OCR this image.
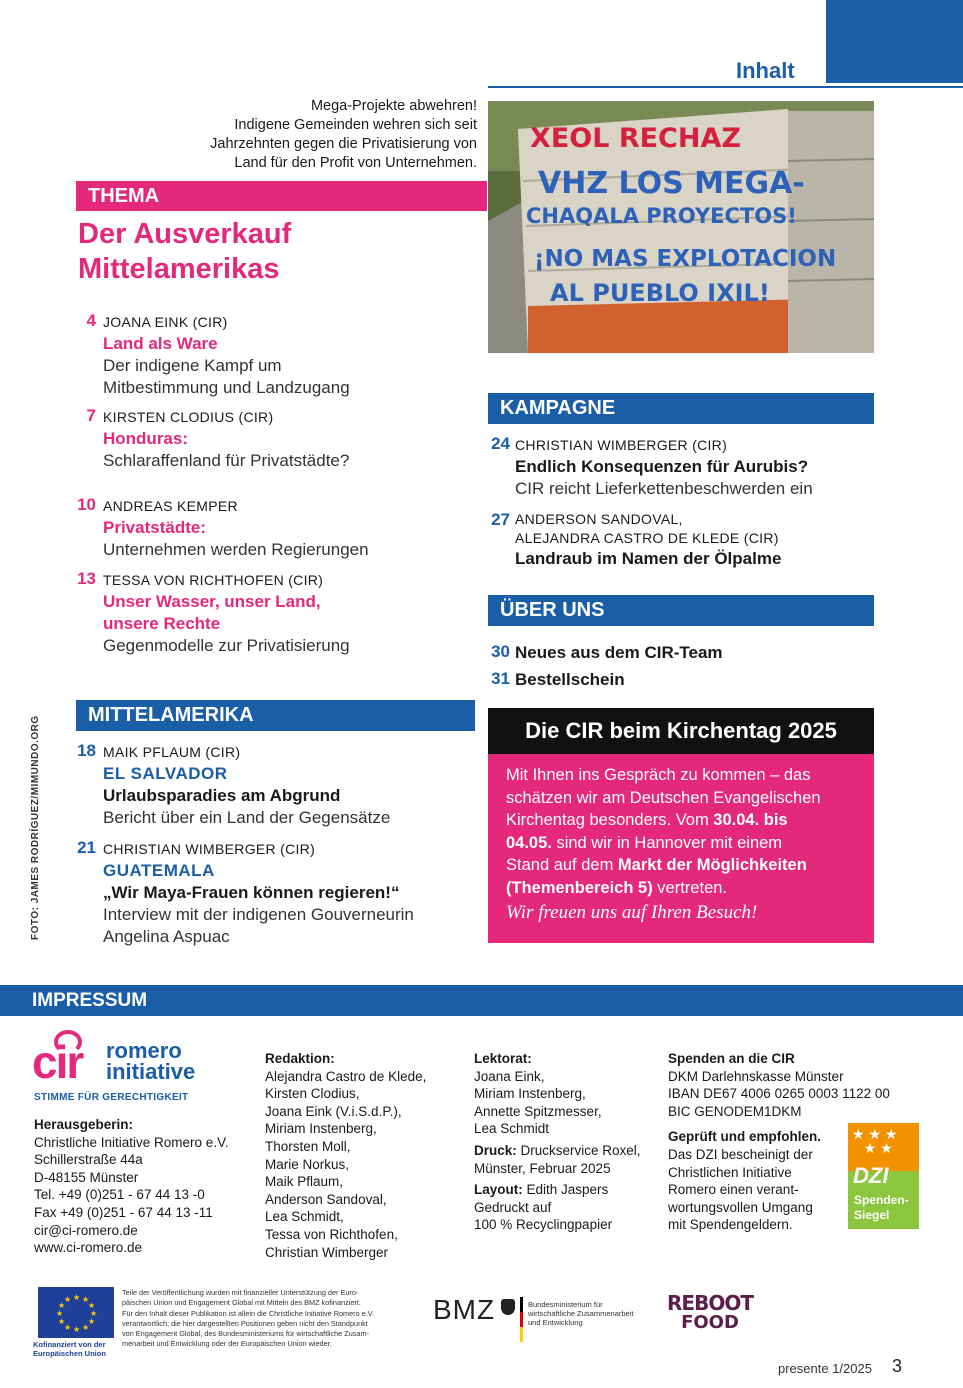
Inhalt
Mega-Projekte abwehren!
Indigene Gemeinden wehren sich seit
Jahrzehnten gegen die Privatisierung von
Land für den Profit von Unternehmen.
XEOL RECHAZ
VHZ LOS MEGA-
CHAQALA PROYECTOS!
¡NO MAS EXPLOTACION
AL PUEBLO IXIL!
FOTO: JAMES RODRÍGUEZ/MIMUNDO.ORG
THEMA
Der Ausverkauf
Mittelamerikas
4 JOANA EINK (CIR)
Land als Ware
Der indigene Kampf um
Mitbestimmung und Landzugang
7 KIRSTEN CLODIUS (CIR)
Honduras:
Schlaraffenland für Privatstädte?
10 ANDREAS KEMPER
Privatstädte:
Unternehmen werden Regierungen
13 TESSA VON RICHTHOFEN (CIR)
Unser Wasser, unser Land,
unsere Rechte
Gegenmodelle zur Privatisierung
MITTELAMERIKA
18 MAIK PFLAUM (CIR)
EL SALVADOR
Urlaubsparadies am Abgrund
Bericht über ein Land der Gegensätze
21 CHRISTIAN WIMBERGER (CIR)
GUATEMALA
„Wir Maya-Frauen können regieren!“
Interview mit der indigenen Gouverneurin
Angelina Aspuac
KAMPAGNE
24 CHRISTIAN WIMBERGER (CIR)
Endlich Konsequenzen für Aurubis?
CIR reicht Lieferkettenbeschwerden ein
27 ANDERSON SANDOVAL,
ALEJANDRA CASTRO DE KLEDE (CIR)
Landraub im Namen der Ölpalme
ÜBER UNS
30 Neues aus dem CIR-Team
31 Bestellschein
Die CIR beim Kirchentag 2025
Mit Ihnen ins Gespräch zu kommen – das
schätzen wir am Deutschen Evangelischen
Kirchentag besonders. Vom 30.04. bis
04.05. sind wir in Hannover mit einem
Stand auf dem Markt der Möglichkeiten
(Themenbereich 5) vertreten.
Wir freuen uns auf Ihren Besuch!
IMPRESSUM
cir romero
initiative
STIMME FÜR GERECHTIGKEIT
Herausgeberin:
Christliche Initiative Romero e.V.
Schillerstraße 44a
D-48155 Münster
Tel. +49 (0)251 - 67 44 13 -0
Fax +49 (0)251 - 67 44 13 -11
cir@ci-romero.de
www.ci-romero.de
Redaktion:
Alejandra Castro de Klede,
Kirsten Clodius,
Joana Eink (V.i.S.d.P.),
Miriam Instenberg,
Thorsten Moll,
Marie Norkus,
Maik Pflaum,
Anderson Sandoval,
Lea Schmidt,
Tessa von Richthofen,
Christian Wimberger
Lektorat:
Joana Eink,
Miriam Instenberg,
Annette Spitzmesser,
Lea Schmidt
Druck: Druckservice Roxel,
Münster, Februar 2025
Layout: Edith Jaspers
Gedruckt auf
100 % Recyclingpapier
Spenden an die CIR
DKM Darlehnskasse Münster
IBAN DE67 4006 0265 0003 1122 00
BIC GENODEM1DKM
Geprüft und empfohlen.
Das DZI bescheinigt der
Christlichen Initiative
Romero einen verant-
wortungsvollen Umgang
mit Spendengeldern.
★ ★ ★
★ ★
DZI
Spenden-
Siegel
★ ★
★
★
★
★
★
★
★
★
★
★
Kofinanziert von der
Europäischen Union
Teile der Veröffentlichung wurden mit finanzieller Unterstützung der Euro-
päischen Union und Engagement Global mit Mitteln des BMZ kofinanziert.
Für den Inhalt dieser Publikation ist allein die Christliche Initiative Romero e.V.
verantwortlich; die hier dargestellten Positionen geben nicht den Standpunkt
von Engagement Global, des Bundesministeriums für wirtschaftliche Zusam-
menarbeit und Entwicklung oder der Europäischen Union wieder.
BMZ	Bundesministerium für
wirtschaftliche Zusammenarbeit
und Entwicklung
REBOOT
FOOD
presente 1/2025 3
